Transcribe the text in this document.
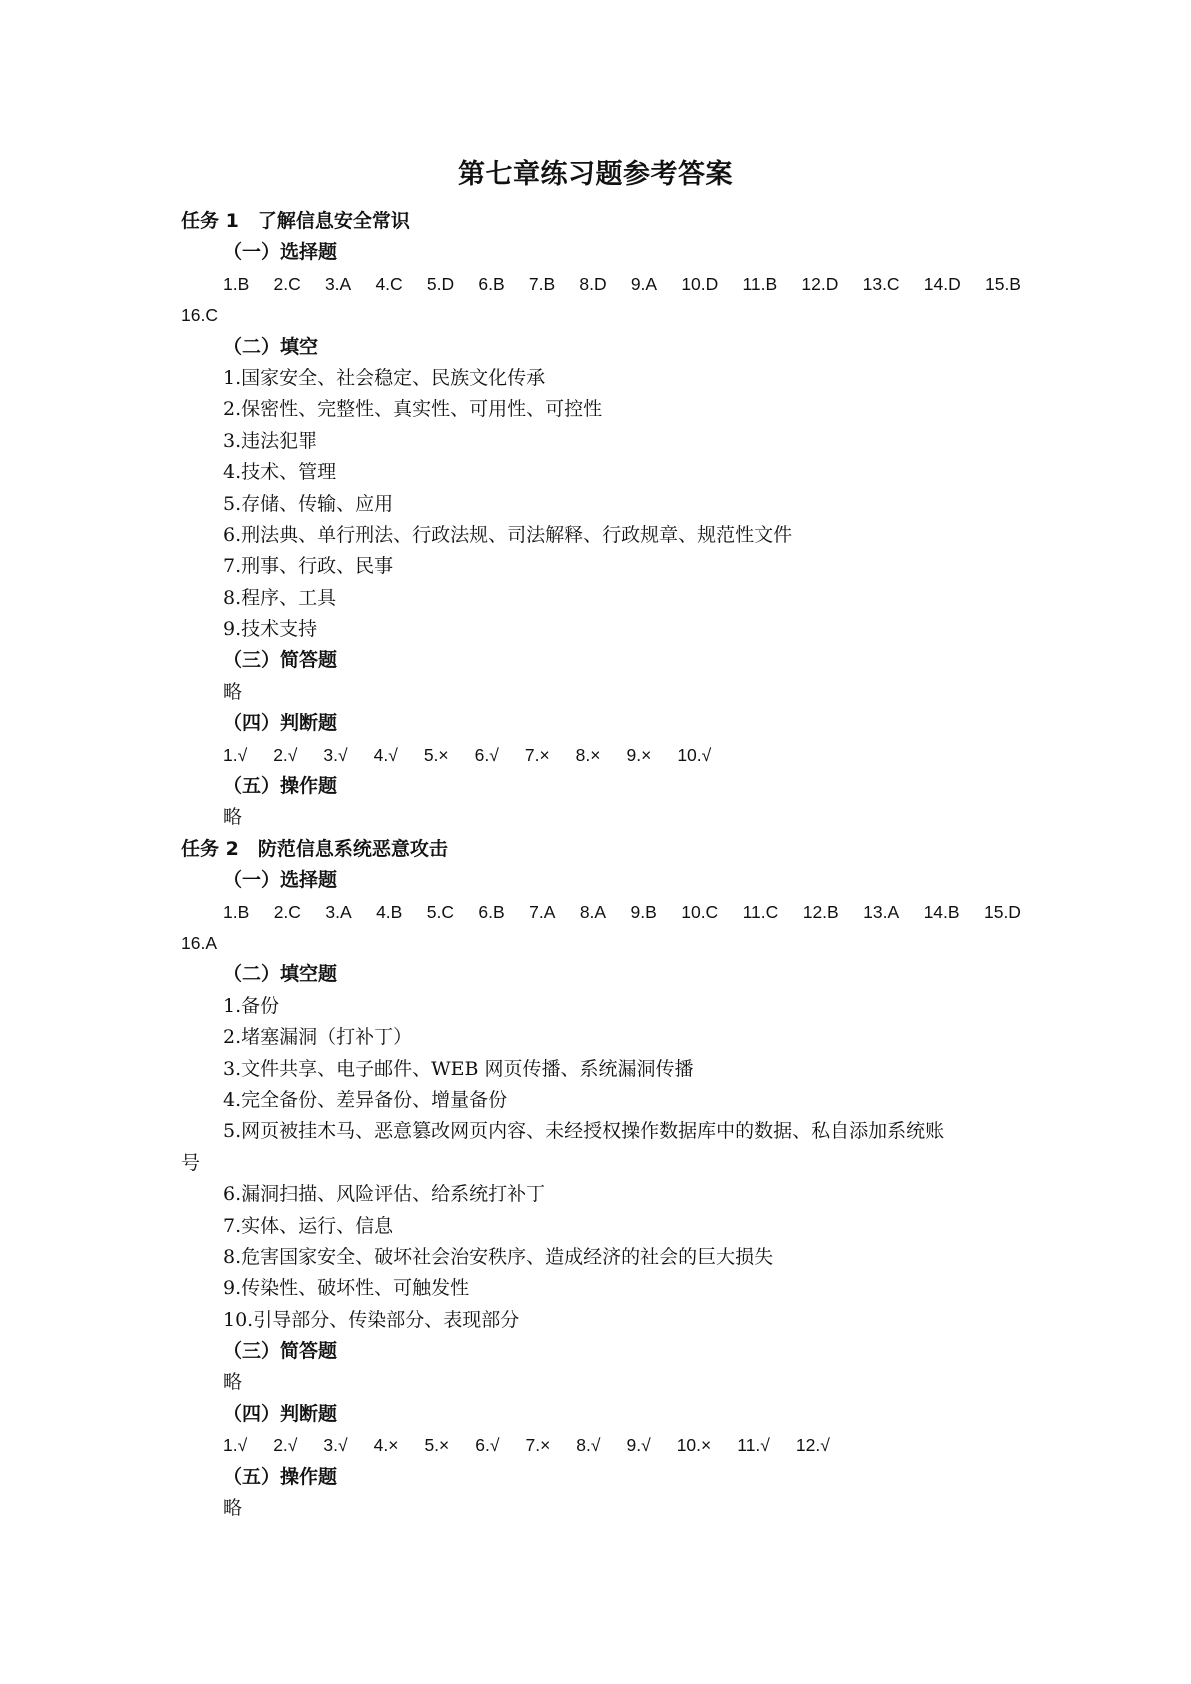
第七章练习题参考答案
任务 1　了解信息安全常识
（一）选择题
1.B 2.C 3.A 4.C 5.D 6.B 7.B 8.D 9.A 10.D 11.B 12.D 13.C 14.D 15.B
16.C
（二）填空
1.国家安全、社会稳定、民族文化传承
2.保密性、完整性、真实性、可用性、可控性
3.违法犯罪
4.技术、管理
5.存储、传输、应用
6.刑法典、单行刑法、行政法规、司法解释、行政规章、规范性文件
7.刑事、行政、民事
8.程序、工具
9.技术支持
（三）简答题
略
（四）判断题
1.√ 2.√ 3.√ 4.√ 5.× 6.√ 7.× 8.× 9.× 10.√
（五）操作题
略
任务 2　防范信息系统恶意攻击
（一）选择题
1.B 2.C 3.A 4.B 5.C 6.B 7.A 8.A 9.B 10.C 11.C 12.B 13.A 14.B 15.D
16.A
（二）填空题
1.备份
2.堵塞漏洞（打补丁）
3.文件共享、电子邮件、WEB 网页传播、系统漏洞传播
4.完全备份、差异备份、增量备份
5.网页被挂木马、恶意篡改网页内容、未经授权操作数据库中的数据、私自添加系统账
号
6.漏洞扫描、风险评估、给系统打补丁
7.实体、运行、信息
8.危害国家安全、破坏社会治安秩序、造成经济的社会的巨大损失
9.传染性、破坏性、可触发性
10.引导部分、传染部分、表现部分
（三）简答题
略
（四）判断题
1.√ 2.√ 3.√ 4.× 5.× 6.√ 7.× 8.√ 9.√ 10.× 11.√ 12.√
（五）操作题
略
